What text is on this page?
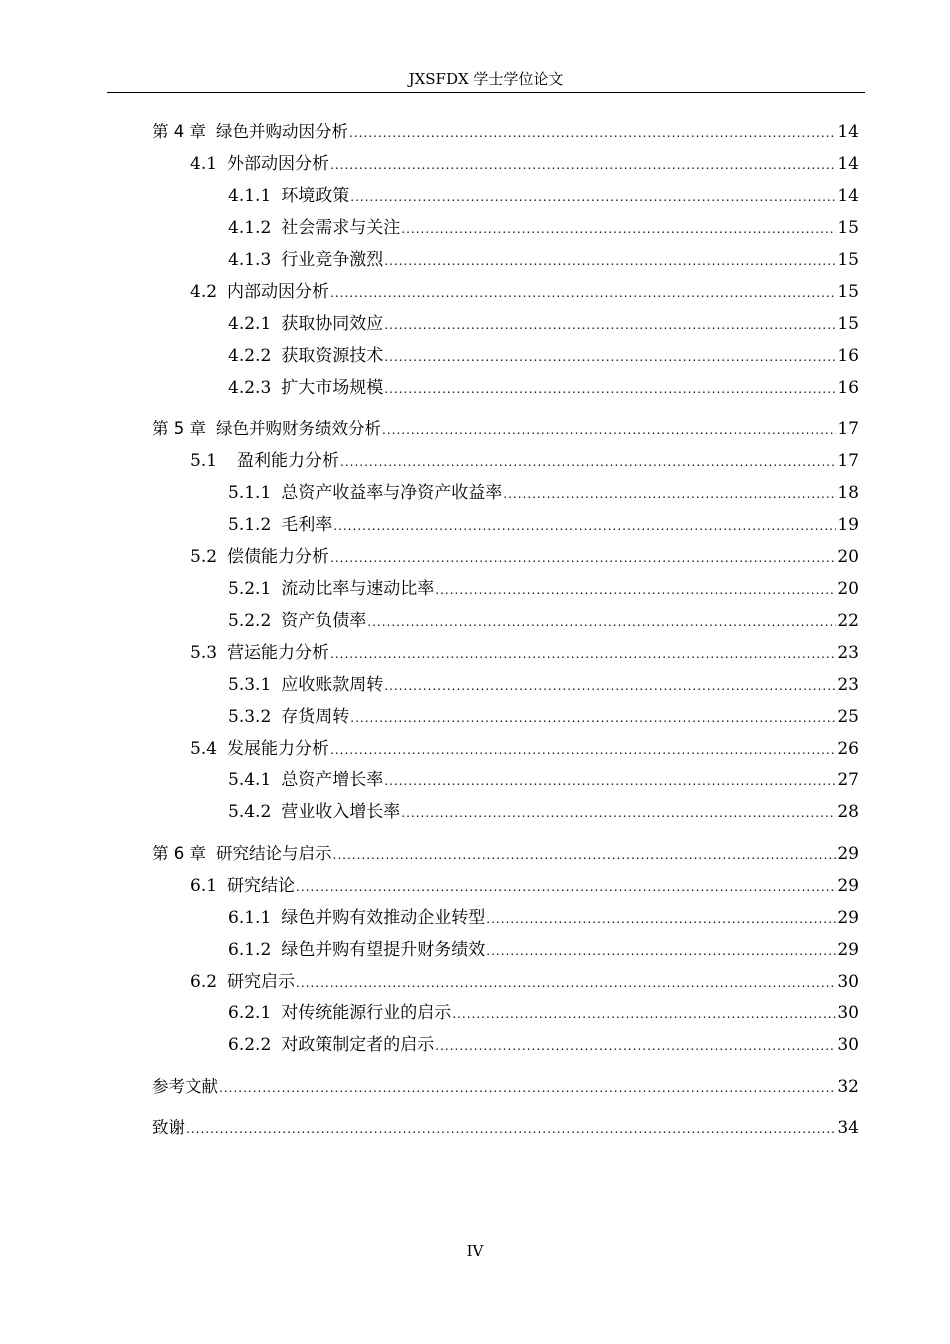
JXSFDX 学士学位论文
第 4 章 绿色并购动因分析 .....	14
4.1 外部动因分析 .....	14
4.1.1 环境政策 .....	14
4.1.2 社会需求与关注 .....	15
4.1.3 行业竞争激烈 .....	15
4.2 内部动因分析 .....	15
4.2.1 获取协同效应 .....	15
4.2.2 获取资源技术 .....	16
4.2.3 扩大市场规模 .....	16
第 5 章 绿色并购财务绩效分析 .....	17
5.1 盈利能力分析 .....	17
5.1.1 总资产收益率与净资产收益率 .....	18
5.1.2 毛利率 .....	19
5.2 偿债能力分析 .....	20
5.2.1 流动比率与速动比率 .....	20
5.2.2 资产负债率 .....	22
5.3 营运能力分析 .....	23
5.3.1 应收账款周转 .....	23
5.3.2 存货周转 .....	25
5.4 发展能力分析 .....	26
5.4.1 总资产增长率 .....	27
5.4.2 营业收入增长率 .....	28
第 6 章 研究结论与启示 .....	29
6.1 研究结论 .....	29
6.1.1 绿色并购有效推动企业转型 .....	29
6.1.2 绿色并购有望提升财务绩效 .....	29
6.2 研究启示 .....	30
6.2.1 对传统能源行业的启示 .....	30
6.2.2 对政策制定者的启示 .....	30
参考文献 .....	32
致谢 .....	34
IV
